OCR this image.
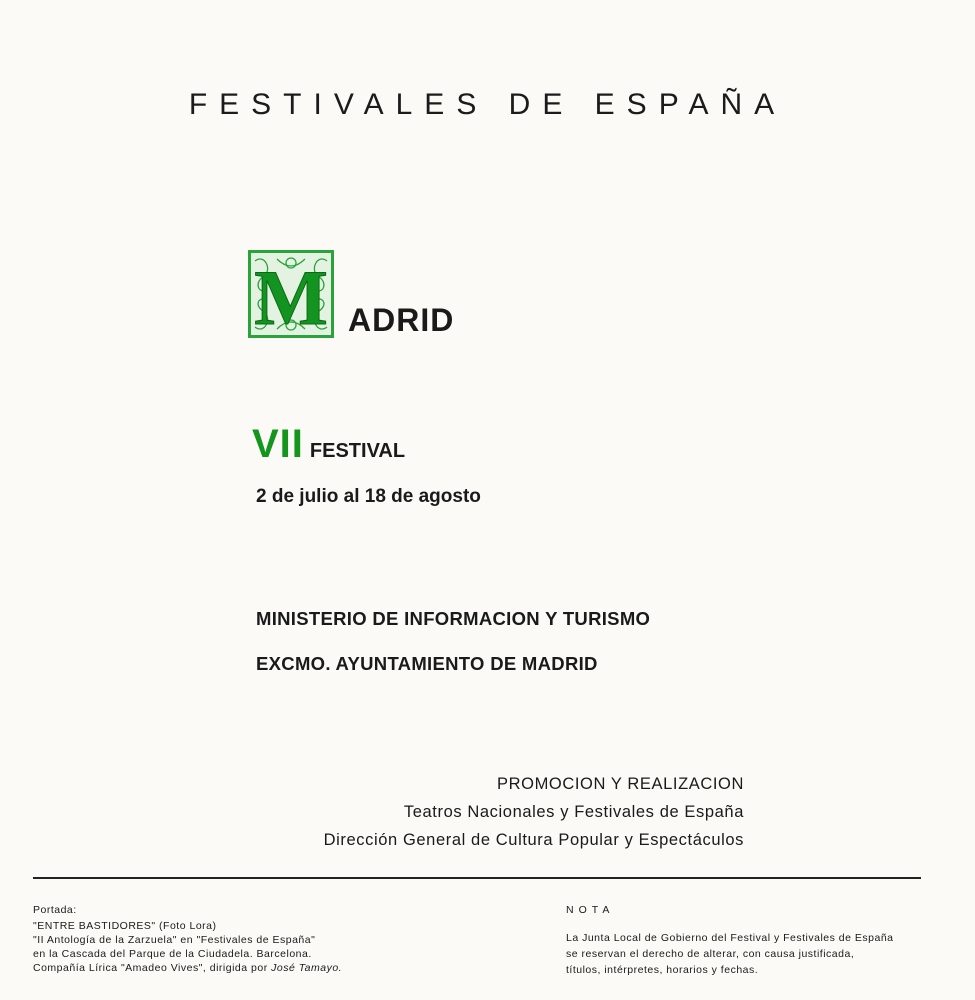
FESTIVALES DE ESPAÑA
M ADRID
VII FESTIVAL
2 de julio al 18 de agosto
MINISTERIO DE INFORMACION Y TURISMO
EXCMO. AYUNTAMIENTO DE MADRID
PROMOCION Y REALIZACION
Teatros Nacionales y Festivales de España
Dirección General de Cultura Popular y Espectáculos
Portada:
"ENTRE BASTIDORES" (Foto Lora)
"II Antología de la Zarzuela" en "Festivales de España"
en la Cascada del Parque de la Ciudadela. Barcelona.
Compañía Lírica "Amadeo Vives", dirigida por José Tamayo.
NOTA
La Junta Local de Gobierno del Festival y Festivales de España
se reservan el derecho de alterar, con causa justificada,
títulos, intérpretes, horarios y fechas.
